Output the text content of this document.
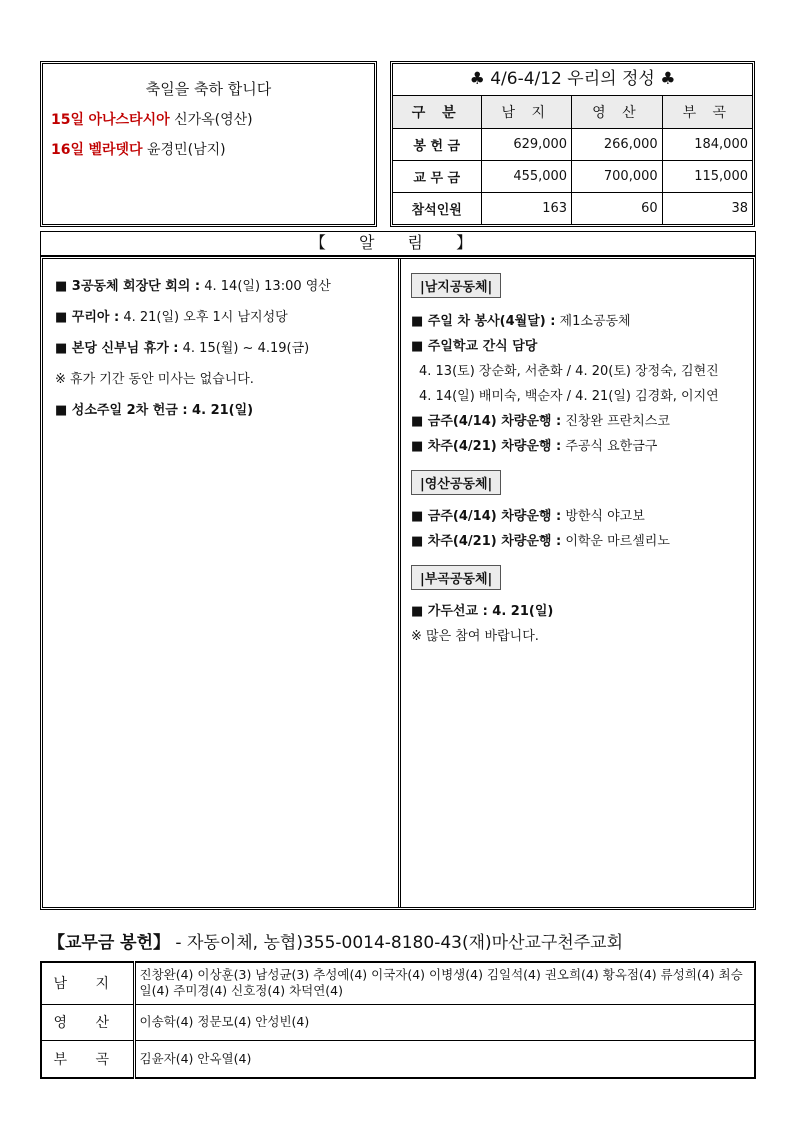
축일을 축하 합니다
15일 아나스타시아 신가옥(영산)
16일 벨라뎃다 윤경민(남지)
♣ 4/6-4/12 우리의 정성 ♣
구 분	남 지	영 산	부 곡
봉 헌 금	629,000	266,000	184,000
교 무 금	455,000	700,000	115,000
참석인원	163	60	38
【 알 림 】
■ 3공동체 회장단 회의 : 4. 14(일) 13:00 영산
■ 꾸리아 : 4. 21(일) 오후 1시 남지성당
■ 본당 신부님 휴가 : 4. 15(월) ~ 4.19(금)
※ 휴가 기간 동안 미사는 없습니다.
■ 성소주일 2차 헌금 : 4. 21(일)
|남지공동체|
■ 주일 차 봉사(4월달) : 제1소공동체
■ 주일학교 간식 담당
4. 13(토) 장순화, 서춘화 / 4. 20(토) 장정숙, 김현진
4. 14(일) 배미숙, 백순자 / 4. 21(일) 김경화, 이지연
■ 금주(4/14) 차량운행 : 진창완 프란치스코
■ 차주(4/21) 차량운행 : 주공식 요한금구
|영산공동체|
■ 금주(4/14) 차량운행 : 방한식 야고보
■ 차주(4/21) 차량운행 : 이학운 마르셀리노
|부곡공동체|
■ 가두선교 : 4. 21(일)
※ 많은 참여 바랍니다.
【교무금 봉헌】 - 자동이체, 농협)355-0014-8180-43(재)마산교구천주교회
남 지	진창완(4) 이상훈(3) 남성균(3) 추성예(4) 이국자(4) 이병생(4) 김일석(4) 권오희(4) 황옥점(4) 류성희(4) 최승일(4) 주미경(4) 신호정(4) 차덕연(4)
영 산	이송학(4) 정문모(4) 안성빈(4)
부 곡	김윤자(4) 안옥열(4)
